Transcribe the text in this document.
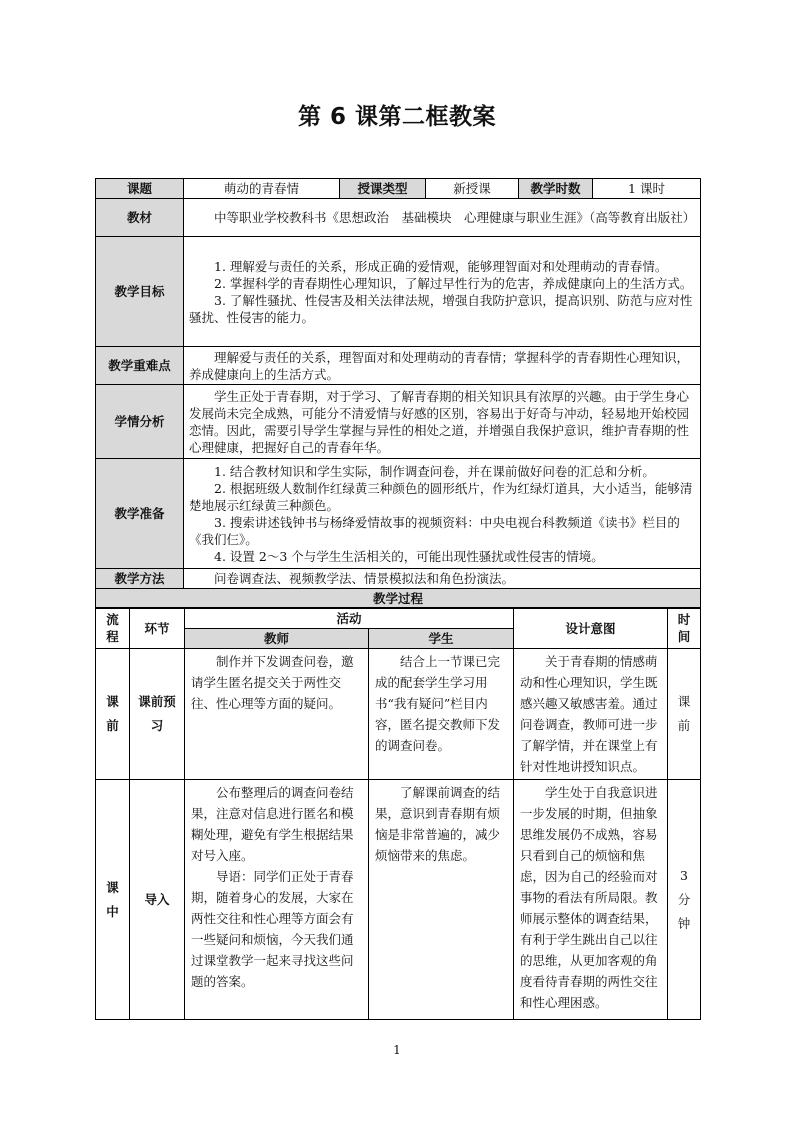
第 6 课第二框教案
课题	萌动的青春情	授课类型	新授课	教学时数	1 课时
教材	中等职业学校教科书《思想政治　基础模块　心理健康与职业生涯》（高等教育出版社）				

教学目标	1. 理解爱与责任的关系，形成正确的爱情观，能够理智面对和处理萌动的青春情。

2. 掌握科学的青春期性心理知识，了解过早性行为的危害，养成健康向上的生活方式。

3. 了解性骚扰、性侵害及相关法律法规，增强自我防护意识，提高识别、防范与应对性骚扰、性侵害的能力。				

教学重难点	理解爱与责任的关系，理智面对和处理萌动的青春情；掌握科学的青春期性心理知识，养成健康向上的生活方式。				

学情分析	学生正处于青春期，对于学习、了解青春期的相关知识具有浓厚的兴趣。由于学生身心发展尚未完全成熟，可能分不清爱情与好感的区别，容易出于好奇与冲动，轻易地开始校园恋情。因此，需要引导学生掌握与异性的相处之道，并增强自我保护意识，维护青春期的性心理健康，把握好自己的青春年华。				

教学准备	1. 结合教材知识和学生实际，制作调查问卷，并在课前做好问卷的汇总和分析。

2. 根据班级人数制作红绿黄三种颜色的圆形纸片，作为红绿灯道具，大小适当，能够清楚地展示红绿黄三种颜色。

3. 搜索讲述钱钟书与杨绛爱情故事的视频资料：中央电视台科教频道《读书》栏目的《我们仨》。

4. 设置 2～3 个与学生生活相关的，可能出现性骚扰或性侵害的情境。				

教学方法	问卷调查法、视频教学法、情景模拟法和角色扮演法。				

教学过程					
流程	环节	活动		设计意图	时间
		教师	学生		
课前	课前预习	制作并下发调查问卷，邀请学生匿名提交关于两性交往、性心理等方面的疑问。	结合上一节课已完成的配套学生学习用书“我有疑问”栏目内容，匿名提交教师下发的调查问卷。	关于青春期的情感萌动和性心理知识，学生既感兴趣又敏感害羞。通过问卷调查，教师可进一步了解学情，并在课堂上有针对性地讲授知识点。	课前
课中	导入	公布整理后的调查问卷结果，注意对信息进行匿名和模糊处理，避免有学生根据结果对号入座。

导语：同学们正处于青春期，随着身心的发展，大家在两性交往和性心理等方面会有一些疑问和烦恼，今天我们通过课堂教学一起来寻找这些问题的答案。	了解课前调查的结果，意识到青春期有烦恼是非常普遍的，减少烦恼带来的焦虑。	学生处于自我意识进一步发展的时期，但抽象思维发展仍不成熟，容易只看到自己的烦恼和焦虑，因为自己的经验而对事物的看法有所局限。教师展示整体的调查结果，有利于学生跳出自己以往的思维，从更加客观的角度看待青春期的两性交往和性心理困惑。	3 分钟
1
